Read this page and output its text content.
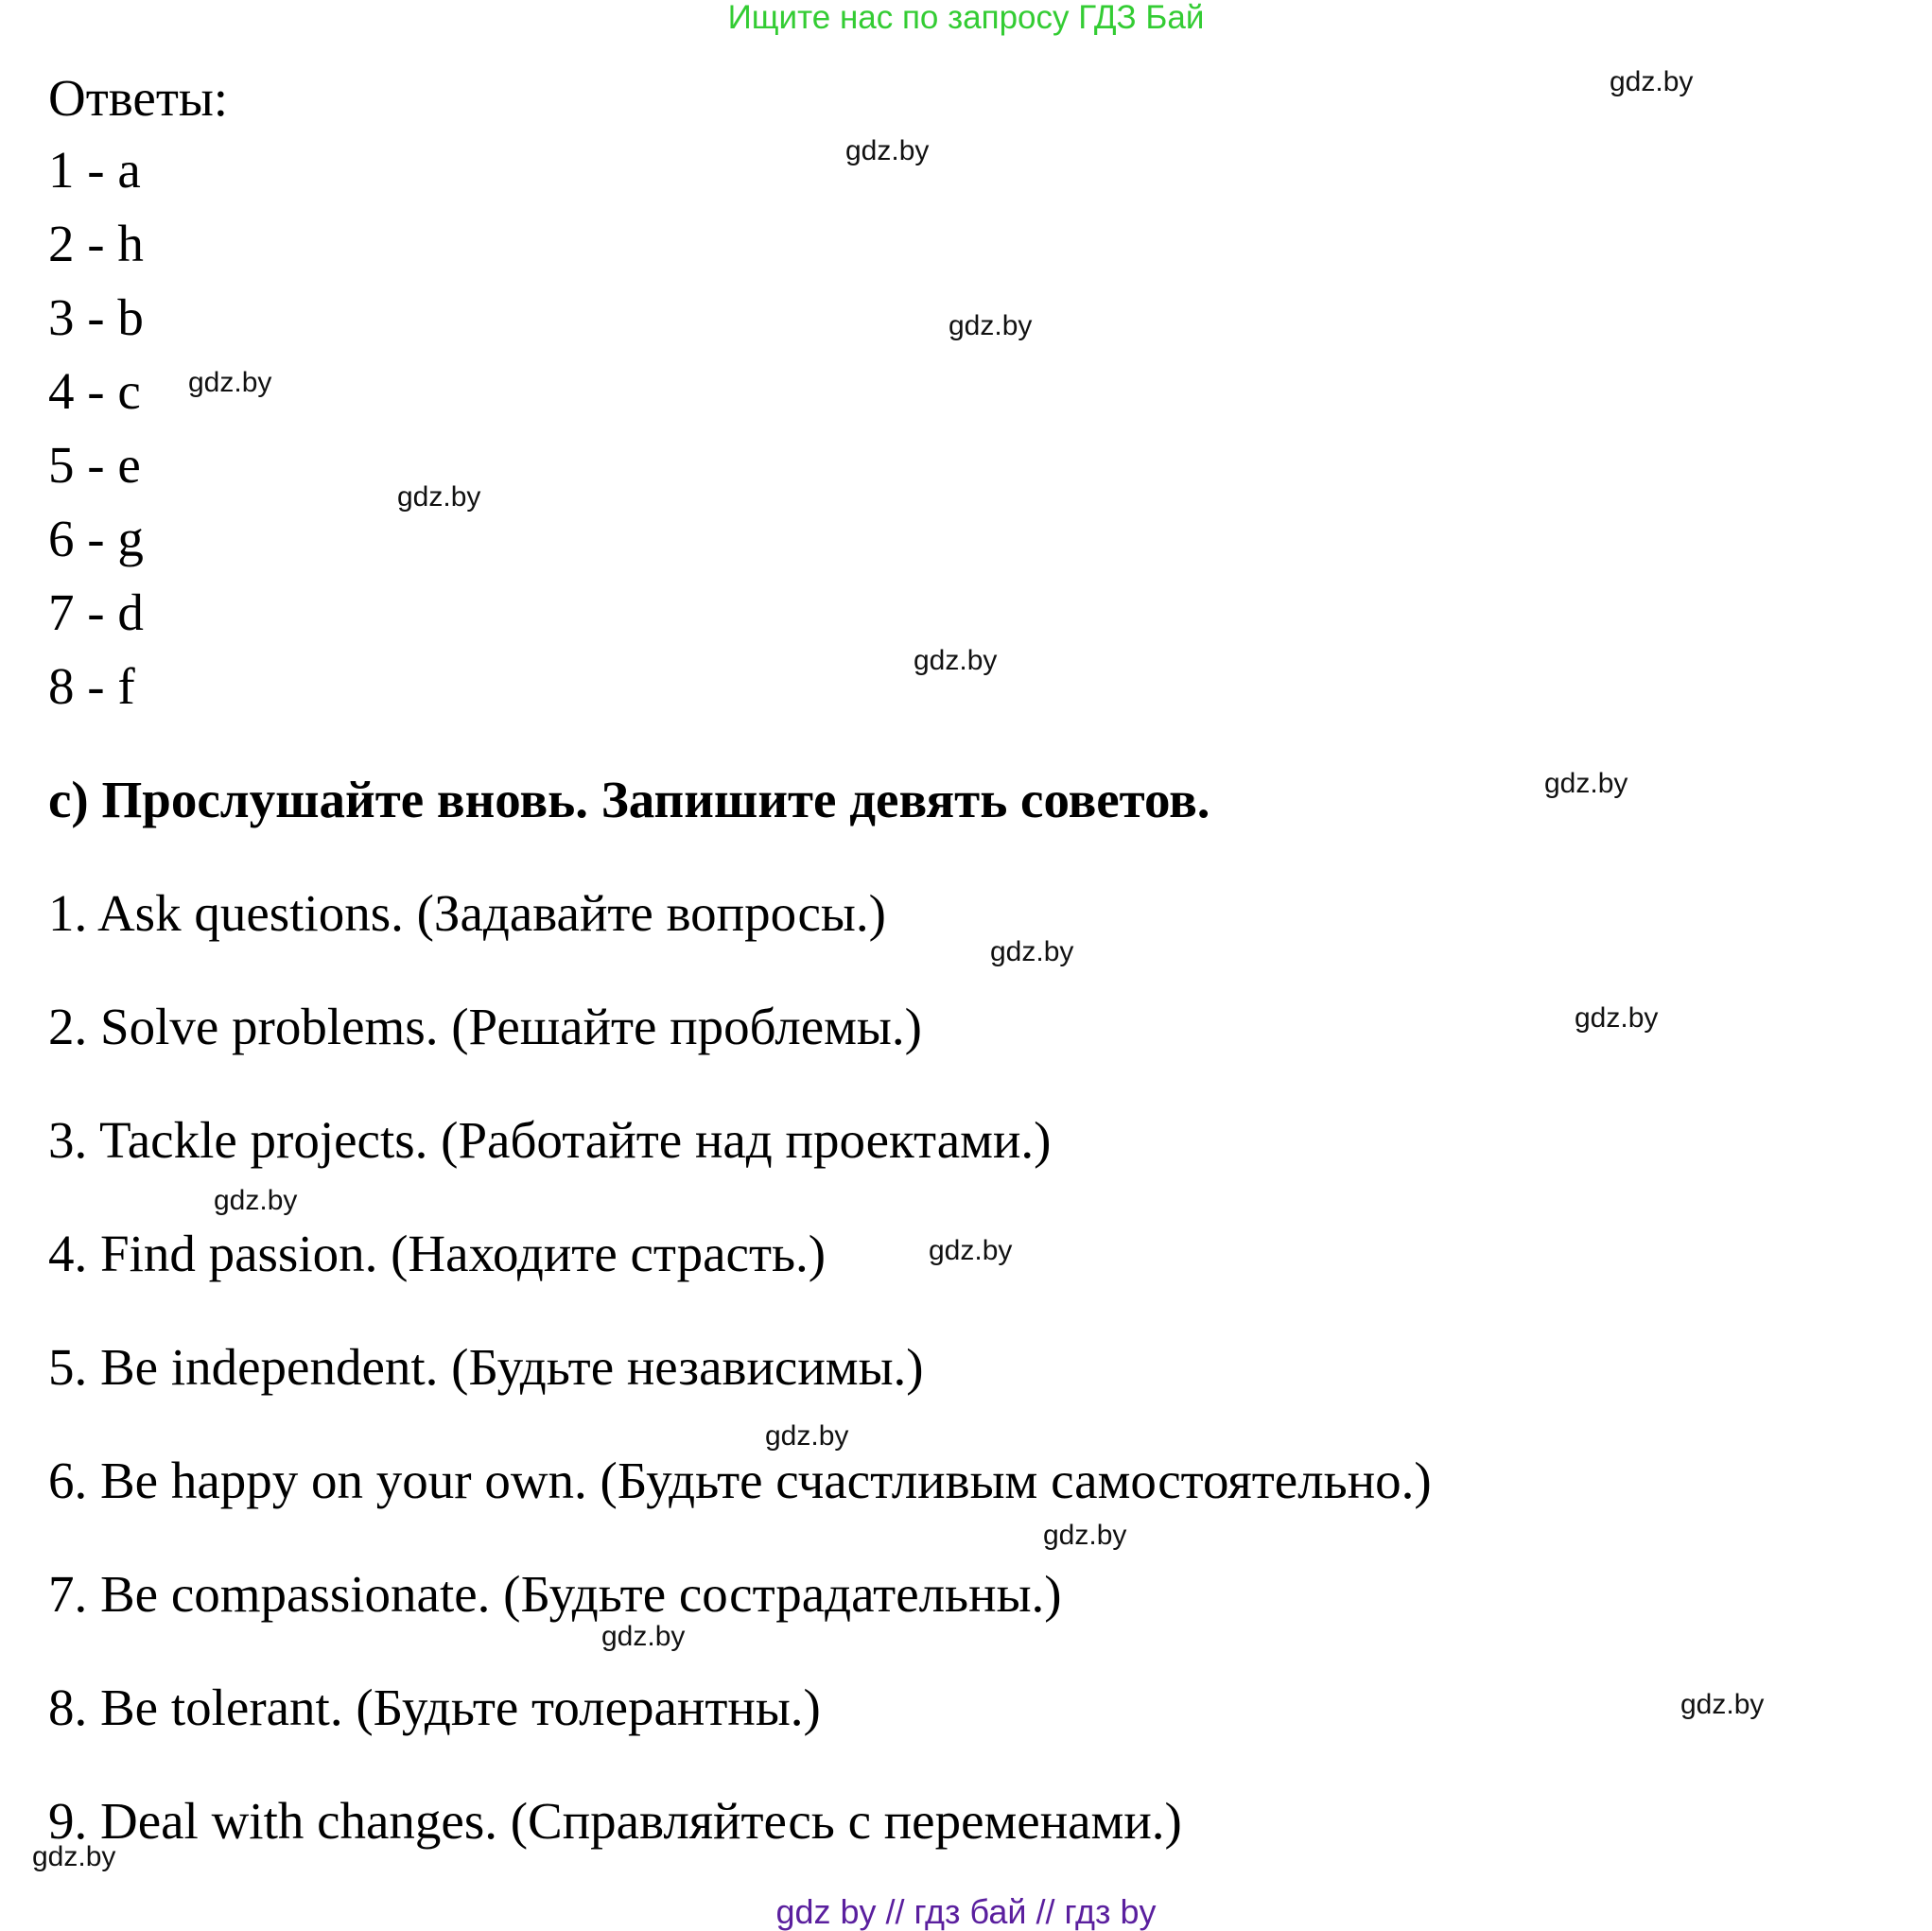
Ищите нас по запросу ГДЗ Бай
Ответы:
1 - a
2 - h
3 - b
4 - c
5 - e
6 - g
7 - d
8 - f
c) Прослушайте вновь. Запишите девять советов.
1. Ask questions. (Задавайте вопросы.)
2. Solve problems. (Решайте проблемы.)
3. Tackle projects. (Работайте над проектами.)
4. Find passion. (Находите страсть.)
5. Be independent. (Будьте независимы.)
6. Be happy on your own. (Будьте счастливым самостоятельно.)
7. Be compassionate. (Будьте сострадательны.)
8. Be tolerant. (Будьте толерантны.)
9. Deal with changes. (Справляйтесь с переменами.)
gdz.by
gdz.by
gdz.by
gdz.by
gdz.by
gdz.by
gdz.by
gdz.by
gdz.by
gdz.by
gdz.by
gdz.by
gdz.by
gdz.by
gdz.by
gdz.by
gdz by // гдз бай // гдз by
